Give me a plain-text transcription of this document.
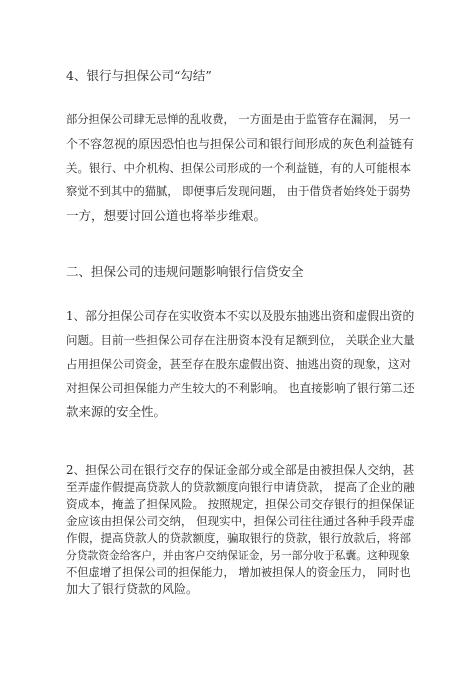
4、银行与担保公司“勾结”
部分担保公司肆无忌惮的乱收费， 一方面是由于监管存在漏洞， 另一
个不容忽视的原因恐怕也与担保公司和银行间形成的灰色利益链有
关。银行、中介机构、担保公司形成的一个利益链，有的人可能根本
察觉不到其中的猫腻， 即便事后发现问题， 由于借贷者始终处于弱势
一方，想要讨回公道也将举步维艰。
二、担保公司的违规问题影响银行信贷安全
1、部分担保公司存在实收资本不实以及股东抽逃出资和虚假出资的
问题。目前一些担保公司存在注册资本没有足额到位， 关联企业大量
占用担保公司资金，甚至存在股东虚假出资、抽逃出资的现象，这对
对担保公司担保能力产生较大的不利影响。 也直接影响了银行第二还
款来源的安全性。
2、担保公司在银行交存的保证金部分或全部是由被担保人交纳，甚
至弄虚作假提高贷款人的贷款额度向银行申请贷款， 提高了企业的融
资成本，掩盖了担保风险。 按照规定，担保公司交存银行的担保保证
金应该由担保公司交纳， 但现实中，担保公司往往通过各种手段弄虚
作假，提高贷款人的贷款额度，骗取银行的贷款，银行放款后，将部
分贷款资金给客户，并由客户交纳保证金，另一部分收于私囊。这种现象
不但虚增了担保公司的担保能力， 增加被担保人的资金压力， 同时也
加大了银行贷款的风险。
